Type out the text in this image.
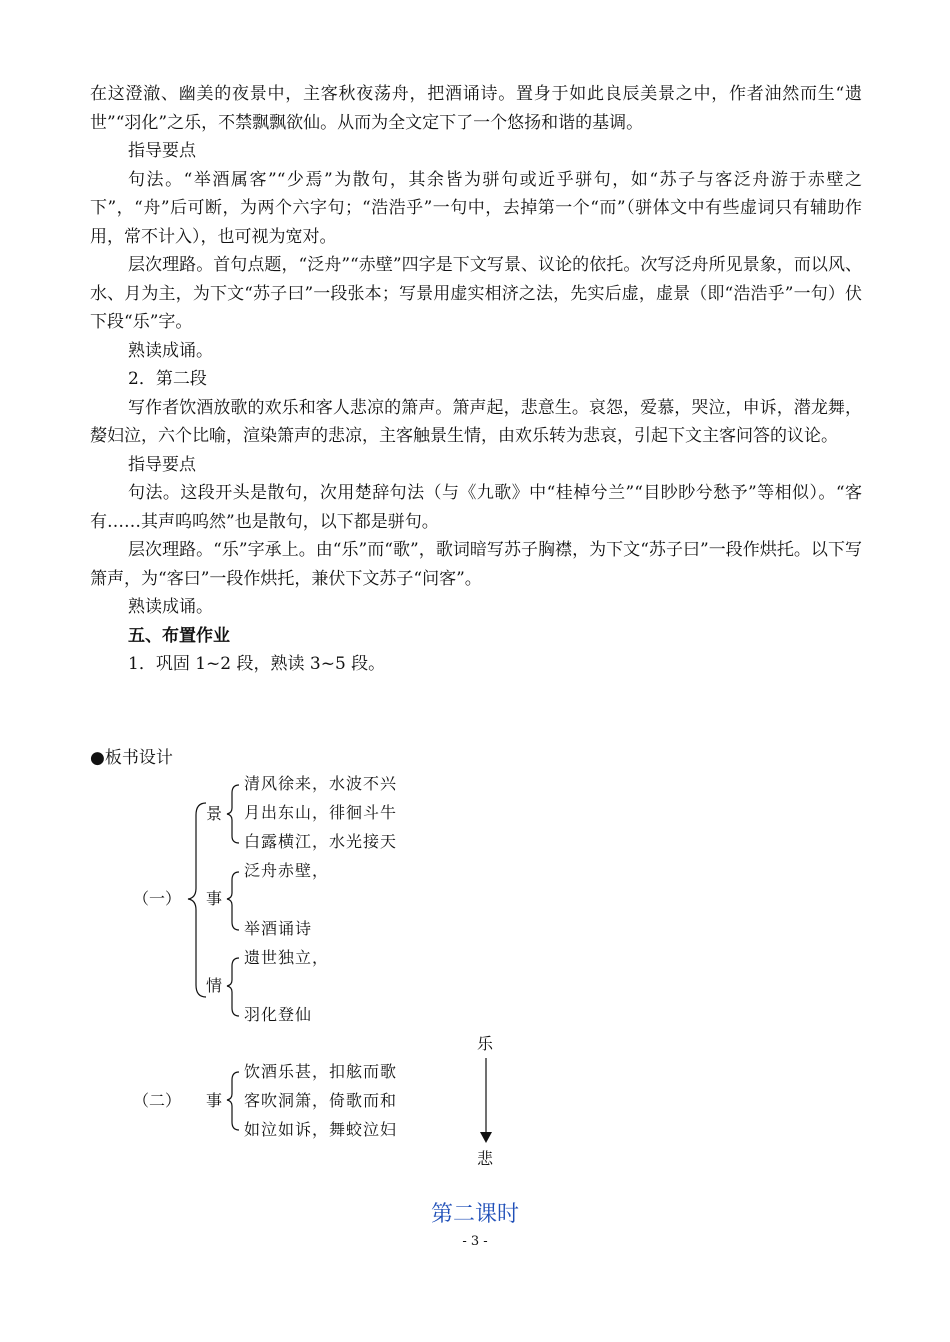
在这澄澈、幽美的夜景中，主客秋夜荡舟，把酒诵诗。置身于如此良辰美景之中，作者油然而生“遗世”“羽化”之乐，不禁飘飘欲仙。从而为全文定下了一个悠扬和谐的基调。

指导要点

句法。“举酒属客”“少焉”为散句，其余皆为骈句或近乎骈句，如“苏子与客泛舟游于赤壁之下”，“舟”后可断，为两个六字句；“浩浩乎”一句中，去掉第一个“而”（骈体文中有些虚词只有辅助作用，常不计入），也可视为宽对。

层次理路。首句点题，“泛舟”“赤壁”四字是下文写景、议论的依托。次写泛舟所见景象，而以风、水、月为主，为下文“苏子曰”一段张本；写景用虚实相济之法，先实后虚，虚景（即“浩浩乎”一句）伏下段“乐”字。

熟读成诵。

2．第二段

写作者饮酒放歌的欢乐和客人悲凉的箫声。箫声起，悲意生。哀怨，爱慕，哭泣，申诉，潜龙舞，嫠妇泣，六个比喻，渲染箫声的悲凉，主客触景生情，由欢乐转为悲哀，引起下文主客问答的议论。

指导要点

句法。这段开头是散句，次用楚辞句法（与《九歌》中“桂棹兮兰”“目眇眇兮愁予”等相似）。“客有……其声呜呜然”也是散句，以下都是骈句。

层次理路。“乐”字承上。由“乐”而“歌”，歌词暗写苏子胸襟，为下文“苏子曰”一段作烘托。以下写箫声，为“客曰”一段作烘托，兼伏下文苏子“问客”。

熟读成诵。

五、布置作业

1．巩固 1~2 段，熟读 3~5 段。

●板书设计

清风徐来，水波不兴
月出东山，徘徊斗牛
白露横江，水光接天
泛舟赤壁，
举酒诵诗
遗世独立，
羽化登仙
景
事
情
（一）
饮酒乐甚，扣舷而歌
客吹洞箫，倚歌而和
如泣如诉，舞蛟泣妇
事
（二）
乐
悲

第二课时

- 3 -
